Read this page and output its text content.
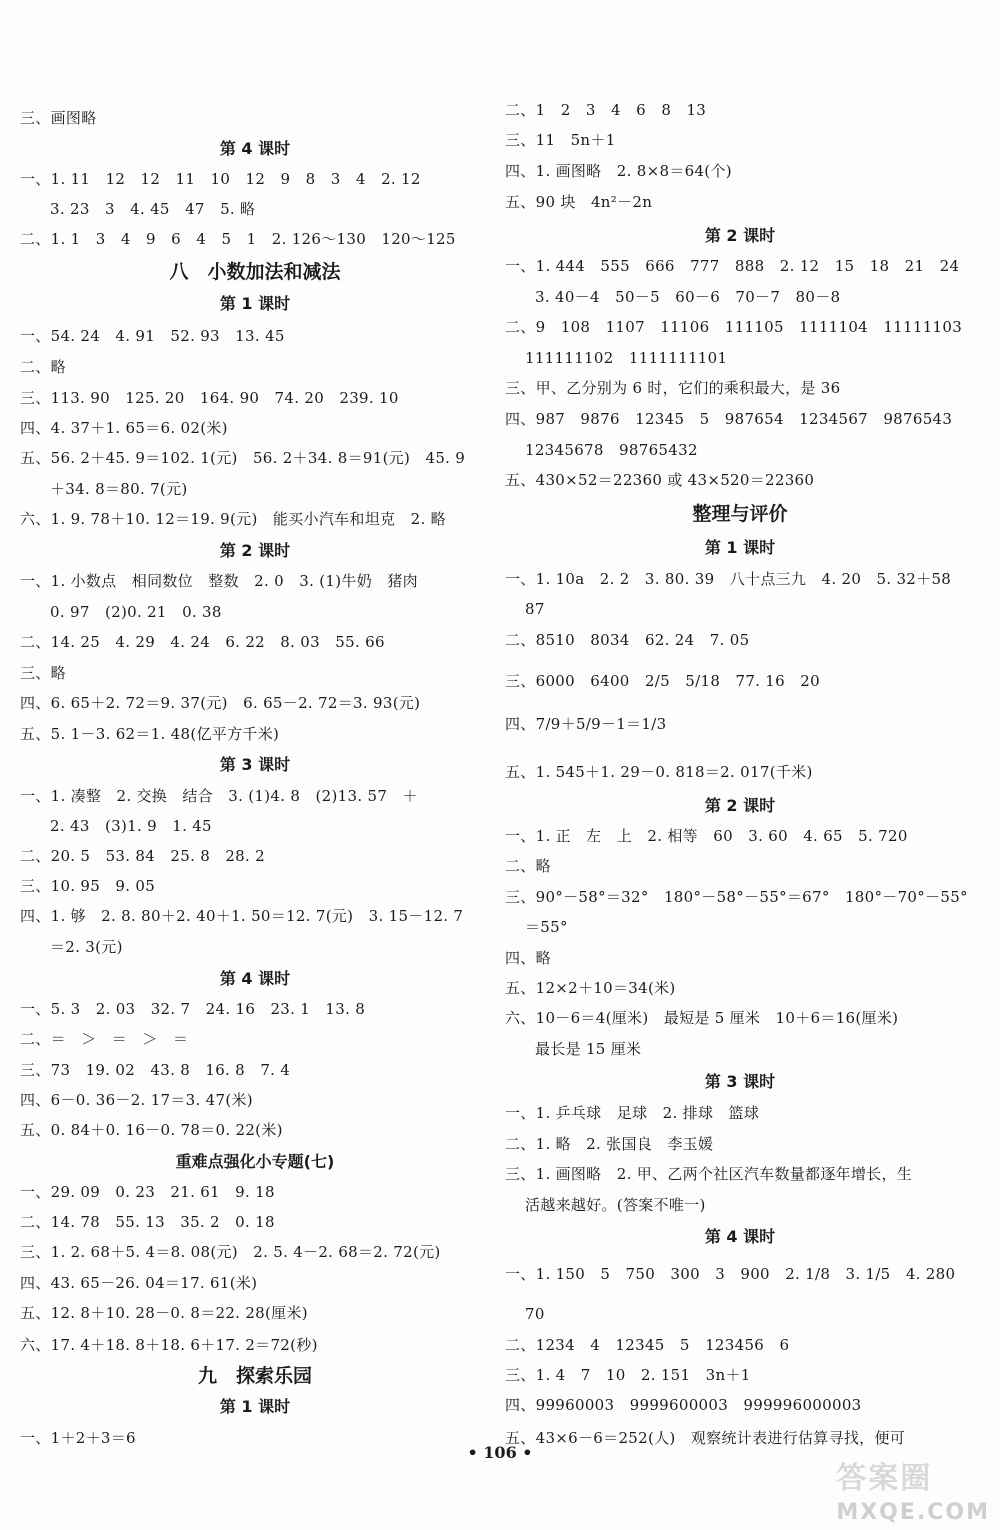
三、画图略
第 4 课时
一、1. 11　12　12　11　10　12　9　8　3　4　2. 12
3. 23　3　4. 45　47　5. 略
二、1. 1　3　4　9　6　4　5　1　2. 126～130　120～125
八　小数加法和减法
第 1 课时
一、54. 24　4. 91　52. 93　13. 45
二、略
三、113. 90　125. 20　164. 90　74. 20　239. 10
四、4. 37＋1. 65＝6. 02(米)
五、56. 2＋45. 9＝102. 1(元)　56. 2＋34. 8＝91(元)　45. 9
＋34. 8＝80. 7(元)
六、1. 9. 78＋10. 12＝19. 9(元)　能买小汽车和坦克　2. 略
第 2 课时
一、1. 小数点　相同数位　整数　2. 0　3. (1)牛奶　猪肉
0. 97　(2)0. 21　0. 38
二、14. 25　4. 29　4. 24　6. 22　8. 03　55. 66
三、略
四、6. 65＋2. 72＝9. 37(元)　6. 65－2. 72＝3. 93(元)
五、5. 1－3. 62＝1. 48(亿平方千米)
第 3 课时
一、1. 凑整　2. 交换　结合　3. (1)4. 8　(2)13. 57　＋
2. 43　(3)1. 9　1. 45
二、20. 5　53. 84　25. 8　28. 2
三、10. 95　9. 05
四、1. 够　2. 8. 80＋2. 40＋1. 50＝12. 7(元)　3. 15－12. 7
＝2. 3(元)
第 4 课时
一、5. 3　2. 03　32. 7　24. 16　23. 1　13. 8
二、＝　＞　＝　＞　＝
三、73　19. 02　43. 8　16. 8　7. 4
四、6－0. 36－2. 17＝3. 47(米)
五、0. 84＋0. 16－0. 78＝0. 22(米)
重难点强化小专题(七)
一、29. 09　0. 23　21. 61　9. 18
二、14. 78　55. 13　35. 2　0. 18
三、1. 2. 68＋5. 4＝8. 08(元)　2. 5. 4－2. 68＝2. 72(元)
四、43. 65－26. 04＝17. 61(米)
五、12. 8＋10. 28－0. 8＝22. 28(厘米)
六、17. 4＋18. 8＋18. 6＋17. 2＝72(秒)
九　探索乐园
第 1 课时
一、1＋2＋3＝6
二、1　2　3　4　6　8　13
三、11　5n＋1
四、1. 画图略　2. 8×8＝64(个)
五、90 块　4n²－2n
第 2 课时
一、1. 444　555　666　777　888　2. 12　15　18　21　24
3. 40－4　50－5　60－6　70－7　80－8
二、9　108　1107　11106　111105　1111104　11111103
111111102　1111111101
三、甲、乙分别为 6 时，它们的乘积最大，是 36
四、987　9876　12345　5　987654　1234567　9876543
12345678　98765432
五、430×52＝22360 或 43×520＝22360
整理与评价
第 1 课时
一、1. 10a　2. 2　3. 80. 39　八十点三九　4. 20　5. 32＋58
87
二、8510　8034　62. 24　7. 05
三、6000　6400　2/5　5/18　77. 16　20
四、7/9＋5/9－1＝1/3
五、1. 545＋1. 29－0. 818＝2. 017(千米)
第 2 课时
一、1. 正　左　上　2. 相等　60　3. 60　4. 65　5. 720
二、略
三、90°－58°＝32°　180°－58°－55°＝67°　180°－70°－55°
＝55°
四、略
五、12×2＋10＝34(米)
六、10－6＝4(厘米)　最短是 5 厘米　10＋6＝16(厘米)
最长是 15 厘米
第 3 课时
一、1. 乒乓球　足球　2. 排球　篮球
二、1. 略　2. 张国良　李玉媛
三、1. 画图略　2. 甲、乙两个社区汽车数量都逐年增长，生
活越来越好。(答案不唯一)
第 4 课时
一、1. 150　5　750　300　3　900　2. 1/8　3. 1/5　4. 280
70
二、1234　4　12345　5　123456　6
三、1. 4　7　10　2. 151　3n＋1
四、99960003　9999600003　999996000003
五、43×6－6＝252(人)　观察统计表进行估算寻找，便可
• 106 •
答案圈
MXQE.COM
